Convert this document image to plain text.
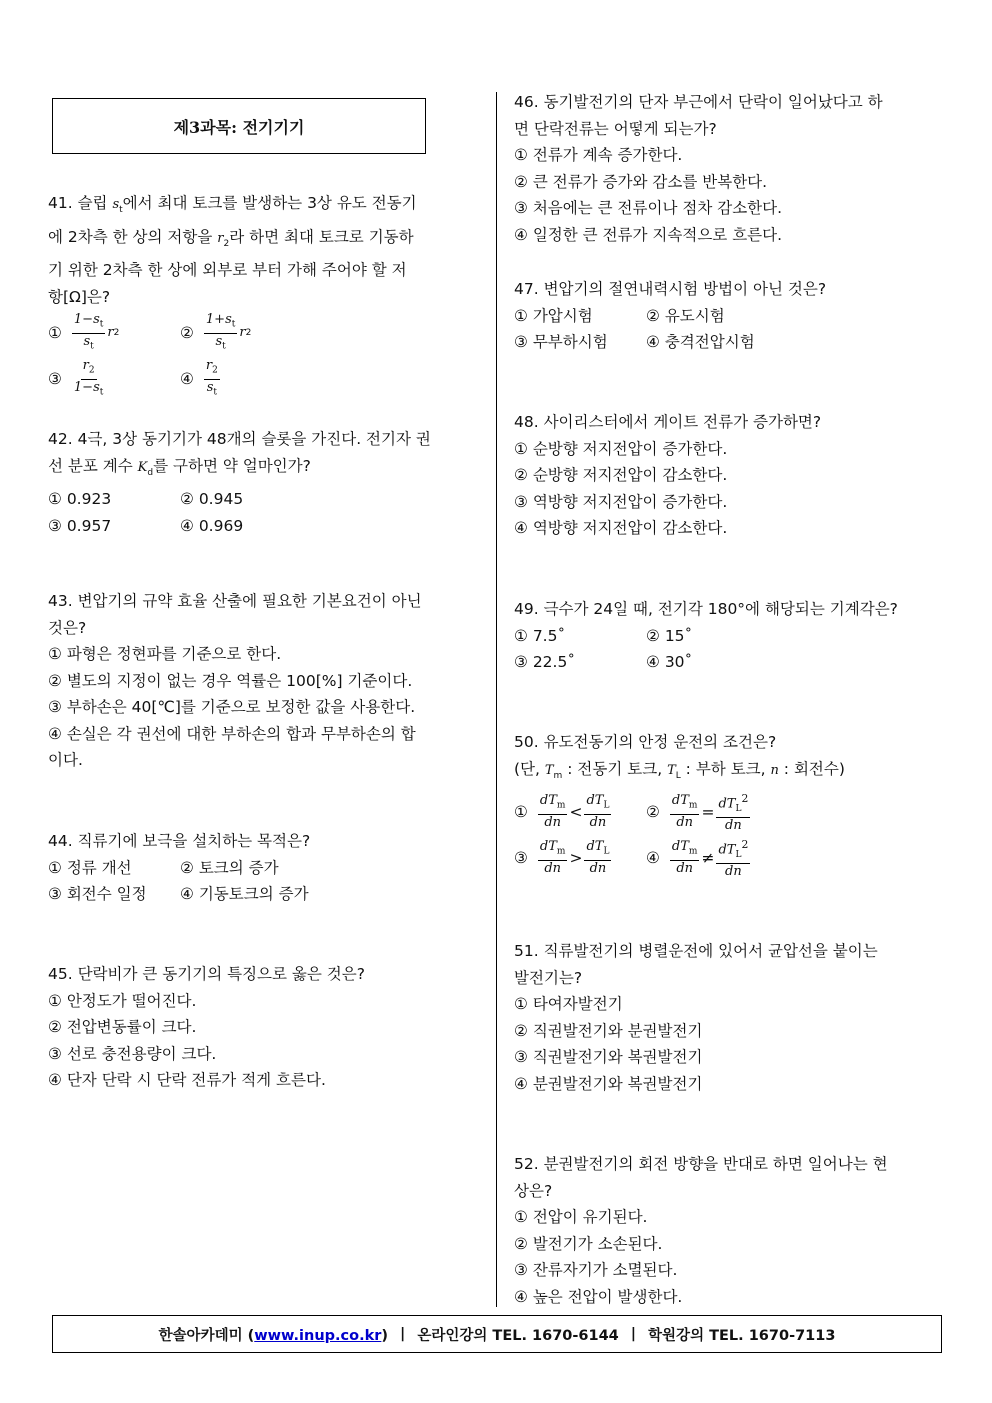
제3과목: 전기기기

41. 슬립 $s_t$에서 최대 토크를 발생하는 3상 유도 전동기

에 2차측 한 상의 저항을 $r_2$라 하면 최대 토크로 기동하

기 위한 2차측 한 상에 외부로 부터 가해 주어야 할 저

항[Ω]은?

① $\frac{1-s_t}{s_t}$ r 2	② $\frac{1+s_t}{s_t}$ r 2
③ $\frac{r_2}{1-s_t}$	④ $\frac{r_2}{s_t}$

42. 4극, 3상 동기기가 48개의 슬롯을 가진다. 전기자 권

선 분포 계수 $K_d$를 구하면 약 얼마인가?

① 0.923	② 0.945
③ 0.957	④ 0.969

43. 변압기의 규약 효율 산출에 필요한 기본요건이 아닌

것은?

① 파형은 정현파를 기준으로 한다.

② 별도의 지정이 없는 경우 역률은 100[%] 기준이다.

③ 부하손은 40[℃]를 기준으로 보정한 값을 사용한다.

④ 손실은 각 권선에 대한 부하손의 합과 무부하손의 합

이다.

44. 직류기에 보극을 설치하는 목적은?

① 정류 개선	② 토크의 증가
③ 회전수 일정	④ 기동토크의 증가

45. 단락비가 큰 동기기의 특징으로 옳은 것은?

① 안정도가 떨어진다.

② 전압변동률이 크다.

③ 선로 충전용량이 크다.

④ 단자 단락 시 단락 전류가 적게 흐른다.

46. 동기발전기의 단자 부근에서 단락이 일어났다고 하

면 단락전류는 어떻게 되는가?

① 전류가 계속 증가한다.

② 큰 전류가 증가와 감소를 반복한다.

③ 처음에는 큰 전류이나 점차 감소한다.

④ 일정한 큰 전류가 지속적으로 흐른다.

47. 변압기의 절연내력시험 방법이 아닌 것은?

① 가압시험	② 유도시험
③ 무부하시험	④ 충격전압시험

48. 사이리스터에서 게이트 전류가 증가하면?

① 순방향 저지전압이 증가한다.

② 순방향 저지전압이 감소한다.

③ 역방향 저지전압이 증가한다.

④ 역방향 저지전압이 감소한다.

49. 극수가 24일 때, 전기각 180°에 해당되는 기계각은?

① 7.5˚	② 15˚
③ 22.5˚	④ 30˚

50. 유도전동기의 안정 운전의 조건은?

(단, $T_m$ : 전동기 토크, $T_L$ : 부하 토크, n : 회전수)

① $\frac{dT_m}{dn} < \frac{dT_L}{dn}$ ② $\frac{dT_m}{dn} = \frac{dT_L^2}{dn}$
③ $\frac{dT_m}{dn} > \frac{dT_L}{dn}$ ④ $\frac{dT_m}{dn} \ne \frac{dT_L^2}{dn}$

51. 직류발전기의 병렬운전에 있어서 균압선을 붙이는

발전기는?

① 타여자발전기

② 직권발전기와 분권발전기

③ 직권발전기와 복권발전기

④ 분권발전기와 복권발전기

52. 분권발전기의 회전 방향을 반대로 하면 일어나는 현

상은?

① 전압이 유기된다.

② 발전기가 소손된다.

③ 잔류자기가 소멸된다.

④ 높은 전압이 발생한다.

한솔아카데미 (www.inup.co.kr) | 온라인강의 TEL. 1670-6144 | 학원강의 TEL. 1670-7113
